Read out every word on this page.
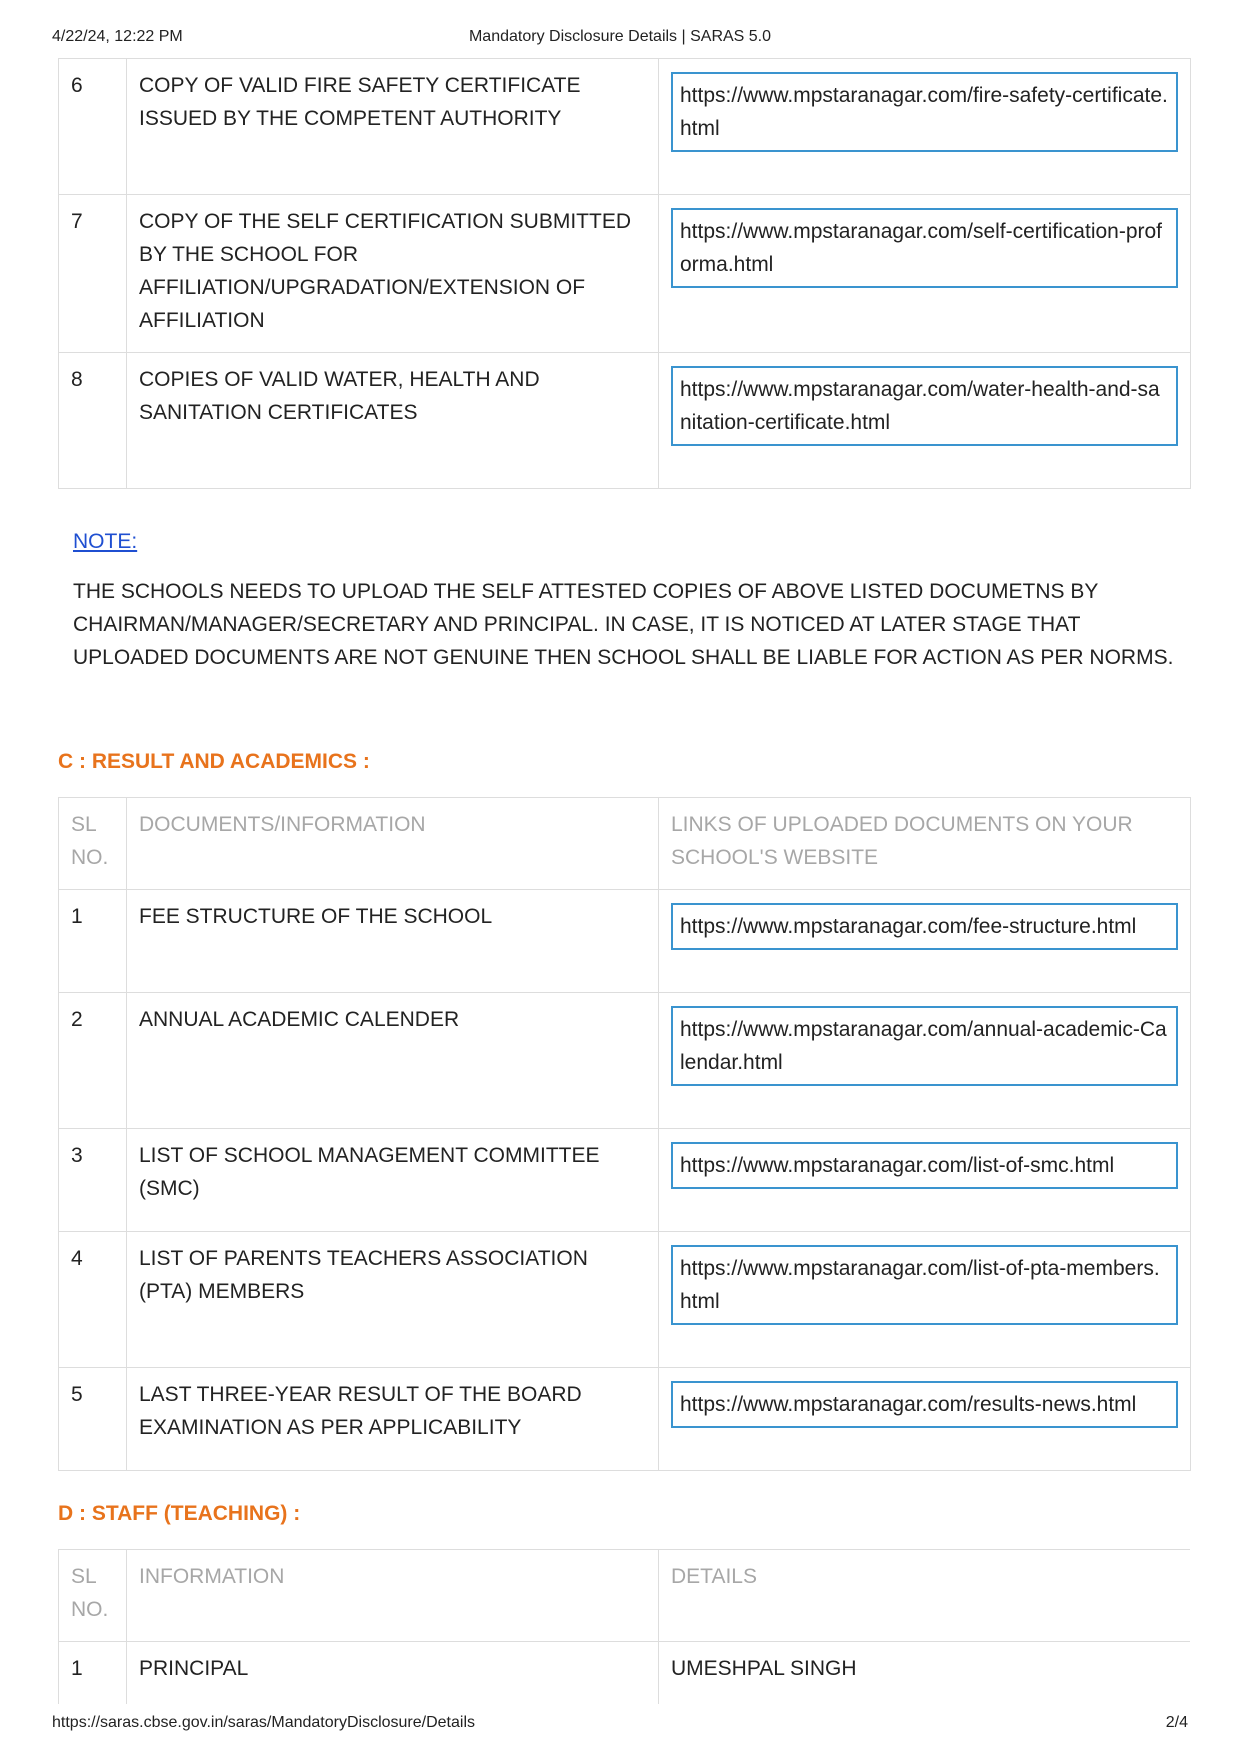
4/22/24, 12:22 PM	Mandatory Disclosure Details | SARAS 5.0
6	COPY OF VALID FIRE SAFETY CERTIFICATE ISSUED BY THE COMPETENT AUTHORITY	https://www.mpstaranagar.com/fire-safety-certificate.html

7	COPY OF THE SELF CERTIFICATION SUBMITTED BY THE SCHOOL FOR AFFILIATION/UPGRADATION/EXTENSION OF AFFILIATION	https://www.mpstaranagar.com/self-certification-proforma.html

8	COPIES OF VALID WATER, HEALTH AND SANITATION CERTIFICATES	https://www.mpstaranagar.com/water-health-and-sanitation-certificate.html
NOTE:

THE SCHOOLS NEEDS TO UPLOAD THE SELF ATTESTED COPIES OF ABOVE LISTED DOCUMETNS BY CHAIRMAN/MANAGER/SECRETARY AND PRINCIPAL. IN CASE, IT IS NOTICED AT LATER STAGE THAT UPLOADED DOCUMENTS ARE NOT GENUINE THEN SCHOOL SHALL BE LIABLE FOR ACTION AS PER NORMS.

C : RESULT AND ACADEMICS :
SL NO.	DOCUMENTS/INFORMATION	LINKS OF UPLOADED DOCUMENTS ON YOUR SCHOOL'S WEBSITE
1	FEE STRUCTURE OF THE SCHOOL	https://www.mpstaranagar.com/fee-structure.html

2	ANNUAL ACADEMIC CALENDER	https://www.mpstaranagar.com/annual-academic-Calendar.html

3	LIST OF SCHOOL MANAGEMENT COMMITTEE (SMC)	https://www.mpstaranagar.com/list-of-smc.html

4	LIST OF PARENTS TEACHERS ASSOCIATION (PTA) MEMBERS	https://www.mpstaranagar.com/list-of-pta-members.html

5	LAST THREE-YEAR RESULT OF THE BOARD EXAMINATION AS PER APPLICABILITY	https://www.mpstaranagar.com/results-news.html
D : STAFF (TEACHING) :
SL NO.	INFORMATION	DETAILS
1	PRINCIPAL	UMESHPAL SINGH
https://saras.cbse.gov.in/saras/MandatoryDisclosure/Details	2/4
